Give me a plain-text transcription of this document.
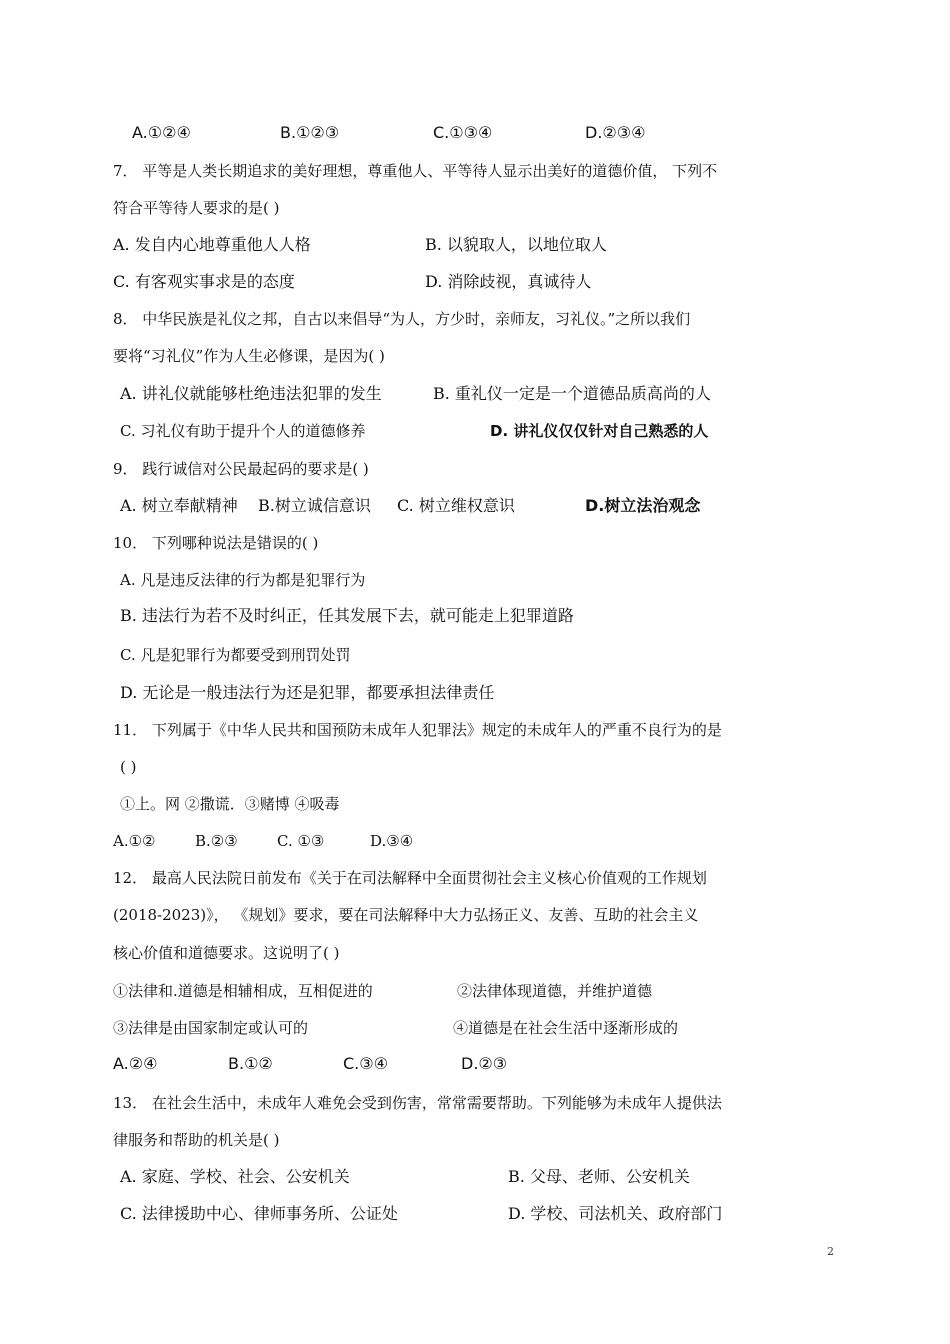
A.①②④	B.①②③	C.①③④	D.②③④
7． 平等是人类长期追求的美好理想，尊重他人、平等待人显示出美好的道德价值， 下列不
符合平等待人要求的是( )
A. 发自内心地尊重他人人格	B. 以貌取人，以地位取人
C. 有客观实事求是的态度	D. 消除歧视，真诚待人
8． 中华民族是礼仪之邦，自古以来倡导“为人，方少时，亲师友，习礼仪。”之所以我们
要将“习礼仪”作为人生必修课，是因为( )
A. 讲礼仪就能够杜绝违法犯罪的发生	B. 重礼仪一定是一个道德品质高尚的人
C. 习礼仪有助于提升个人的道德修养	D. 讲礼仪仅仅针对自己熟悉的人
9． 践行诚信对公民最起码的要求是( )
A. 树立奉献精神 B.树立诚信意识 C. 树立维权意识	D.树立法治观念
10． 下列哪种说法是错误的( )
A. 凡是违反法律的行为都是犯罪行为
B. 违法行为若不及时纠正，任其发展下去，就可能走上犯罪道路
C. 凡是犯罪行为都要受到刑罚处罚
D. 无论是一般违法行为还是犯罪，都要承担法律责任
11． 下列属于《中华人民共和国预防未成年人犯罪法》规定的未成年人的严重不良行为的是
( )
①上。网 ②撒谎．③赌博 ④吸毒
A.①②	B.②③	C. ①③	D.③④
12． 最高人民法院日前发布《关于在司法解释中全面贯彻社会主义核心价值观的工作规划
(2018-2023)》， 《规划》要求，要在司法解释中大力弘扬正义、友善、互助的社会主义
核心价值和道德要求。这说明了( )
①法律和.道德是相辅相成，互相促进的	②法律体现道德，并维护道德
③法律是由国家制定或认可的	④道德是在社会生活中逐渐形成的
A.②④	B.①②	C.③④	D.②③
13． 在社会生活中，未成年人难免会受到伤害，常常需要帮助。下列能够为未成年人提供法
律服务和帮助的机关是( )
A. 家庭、学校、社会、公安机关	B. 父母、老师、公安机关
C. 法律援助中心、律师事务所、公证处	D. 学校、司法机关、政府部门
2
